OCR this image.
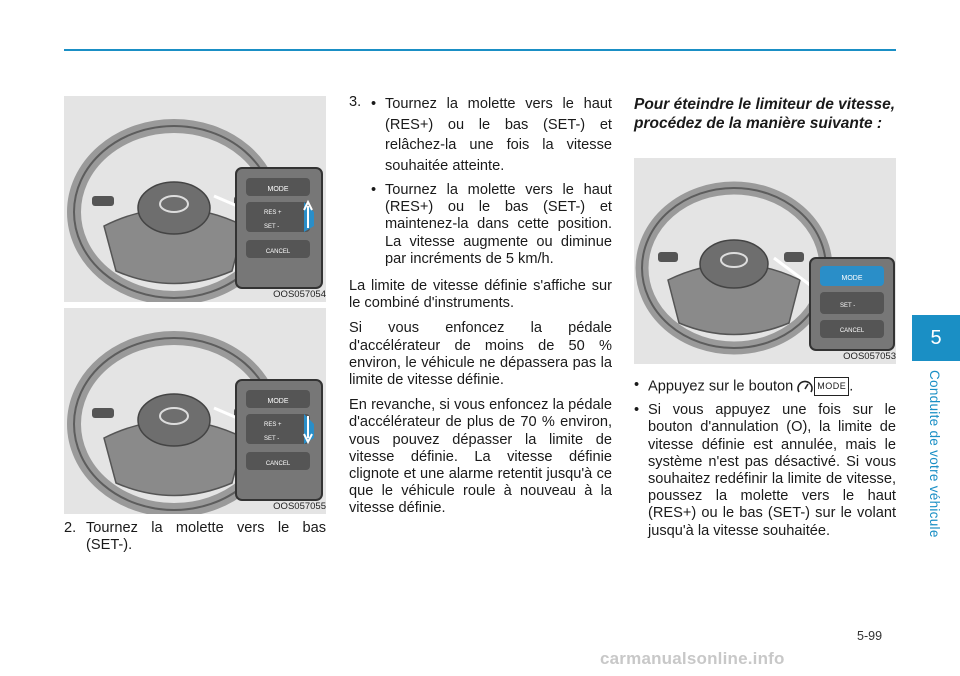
MODE
RES +
SET -
CANCEL
OOS057054
MODE
RES +
SET -
CANCEL
OOS057055
2. Tournez la molette vers le bas (SET-).
3. • Tournez la molette vers le haut (RES+) ou le bas (SET-) et relâchez-la une fois la vitesse souhaitée atteinte.
• Tournez la molette vers le haut (RES+) ou le bas (SET-) et maintenez-la dans cette position. La vitesse augmente ou diminue par incréments de 5 km/h.

La limite de vitesse définie s'affiche sur le combiné d'instruments.

Si vous enfoncez la pédale d'accélérateur de moins de 50 % environ, le véhicule ne dépassera pas la limite de vitesse définie.

En revanche, si vous enfoncez la pédale d'accélérateur de plus de 70 % environ, vous pouvez dépasser la limite de vitesse définie. La vitesse définie clignote et une alarme retentit jusqu'à ce que le véhicule roule à nouveau à la vitesse définie.

Pour éteindre le limiteur de vitesse, procédez de la manière suivante :
MODE
SET -
CANCEL
OOS057053
• Appuyez sur le bouton	MODE .
• Si vous appuyez une fois sur le bouton d'annulation (O), la limite de vitesse définie est annulée, mais le système n'est pas désactivé. Si vous souhaitez redéfinir la limite de vitesse, poussez la molette vers le haut (RES+) ou le bas (SET-) sur le volant jusqu'à la vitesse souhaitée.
5
Conduite de votre véhicule
5-99
carmanualsonline.info
